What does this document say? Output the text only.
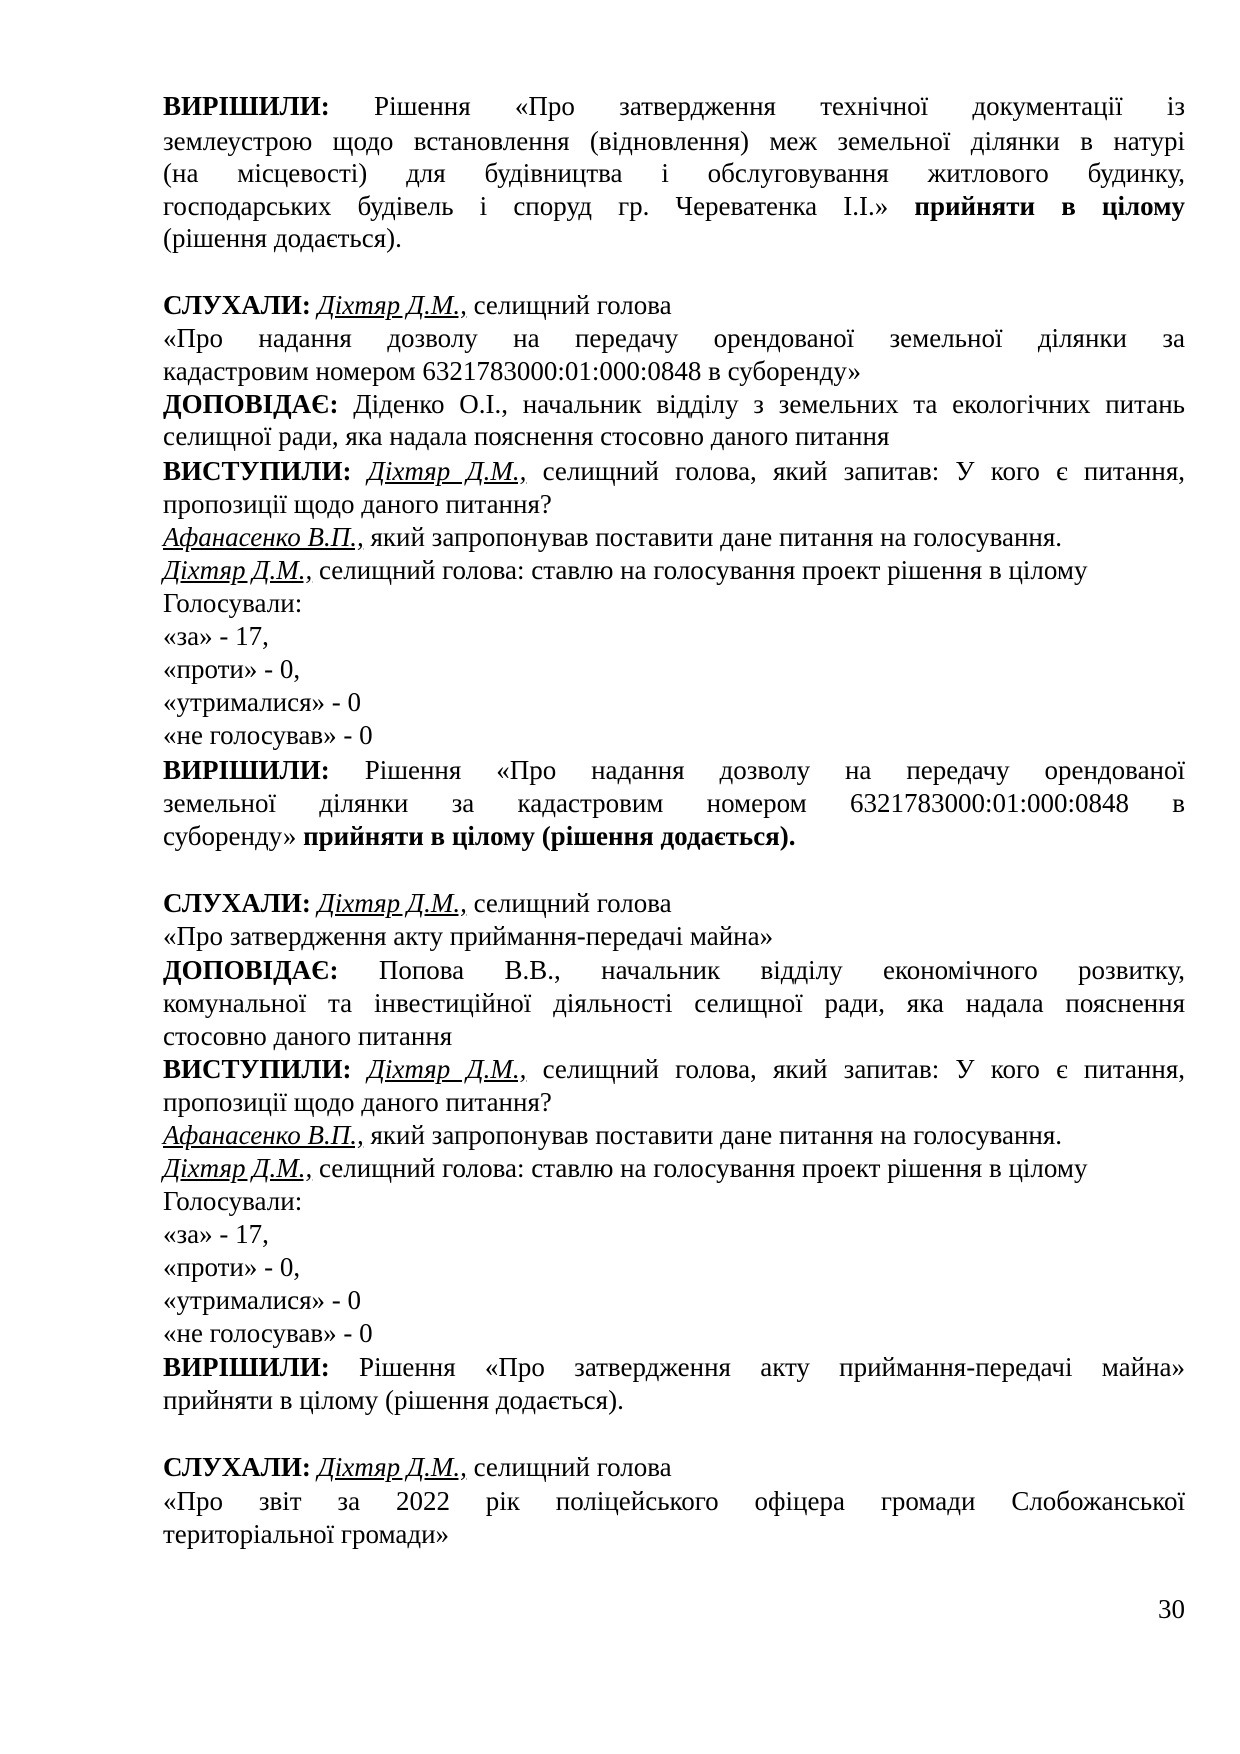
ВИРІШИЛИ: Рішення «Про затвердження технічної документації із
землеустрою щодо встановлення (відновлення) меж земельної ділянки в натурі
(на місцевості) для будівництва і обслуговування житлового будинку,
господарських будівель і споруд гр. Череватенка І.І.» прийняти в цілому
(рішення додається).
СЛУХАЛИ: Діхтяр Д.М., селищний голова
«Про надання дозволу на передачу орендованої земельної ділянки за
кадастровим номером 6321783000:01:000:0848 в суборенду»
ДОПОВІДАЄ: Діденко О.І., начальник відділу з земельних та екологічних питань
селищної ради, яка надала пояснення стосовно даного питання
ВИСТУПИЛИ: Діхтяр Д.М., селищний голова, який запитав: У кого є питання,
пропозиції щодо даного питання?
Афанасенко В.П., який запропонував поставити дане питання на голосування.
Діхтяр Д.М., селищний голова: ставлю на голосування проект рішення в цілому
Голосували:
«за» - 17,
«проти» - 0,
«утрималися» - 0
«не голосував» - 0
ВИРІШИЛИ: Рішення «Про надання дозволу на передачу орендованої
земельної ділянки за кадастровим номером 6321783000:01:000:0848 в
суборенду» прийняти в цілому (рішення додається).
СЛУХАЛИ: Діхтяр Д.М., селищний голова
«Про затвердження акту приймання-передачі майна»
ДОПОВІДАЄ: Попова В.В., начальник відділу економічного розвитку,
комунальної та інвестиційної діяльності селищної ради, яка надала пояснення
стосовно даного питання
ВИСТУПИЛИ: Діхтяр Д.М., селищний голова, який запитав: У кого є питання,
пропозиції щодо даного питання?
Афанасенко В.П., який запропонував поставити дане питання на голосування.
Діхтяр Д.М., селищний голова: ставлю на голосування проект рішення в цілому
Голосували:
«за» - 17,
«проти» - 0,
«утрималися» - 0
«не голосував» - 0
ВИРІШИЛИ: Рішення «Про затвердження акту приймання-передачі майна»
прийняти в цілому (рішення додається).
СЛУХАЛИ: Діхтяр Д.М., селищний голова
«Про звіт за 2022 рік поліцейського офіцера громади Слобожанської
територіальної громади»
30
